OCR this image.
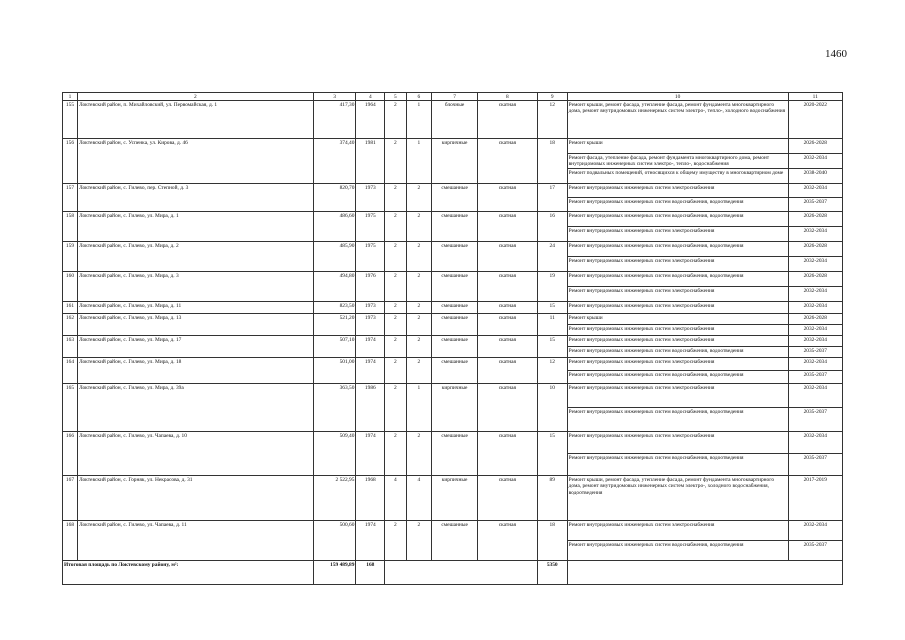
1460
1	2	3	4	5	6	7	8	9	10	11
155	Локтевский район, п. Михайловский, ул. Первомайская, д. 1	417,30	1964	2	1	блочные	скатная	12	Ремонт крыши, ремонт фасада, утепление фасада, ремонт фундамента многоквартирного дома, ремонт внутридомовых инженерных систем электро-, тепло-, холодного водоснабжения	2020-2022
156	Локтевский район, с. Успенка, ул. Кирова, д. 46	374,40	1981	2	1	кирпичные	скатная	18	Ремонт крыши	2026-2028
									Ремонт фасада, утепление фасада, ремонт фундамента многоквартирного дома, ремонт внутридомовых инженерных систем электро-, тепло-, водоснабжения	2032-2034
									Ремонт подвальных помещений, относящихся к общему имуществу в многоквартирном доме	2038-2040
157	Локтевский район, с. Гилево, пер. Степной, д. 3	820,70	1973	2	2	смешанные	скатная	17	Ремонт внутридомовых инженерных систем электроснабжения	2032-2034
									Ремонт внутридомовых инженерных систем водоснабжения, водоотведения	2035-2037
158	Локтевский район, с. Гилево, ул. Мира, д. 1	486,60	1975	2	2	смешанные	скатная	16	Ремонт внутридомовых инженерных систем водоснабжения, водоотведения	2026-2028
									Ремонт внутридомовых инженерных систем электроснабжения	2032-2034
159	Локтевский район, с. Гилево, ул. Мира, д. 2	485,90	1975	2	2	смешанные	скатная	24	Ремонт внутридомовых инженерных систем водоснабжения, водоотведения	2026-2028
									Ремонт внутридомовых инженерных систем электроснабжения	2032-2034
160	Локтевский район, с. Гилево, ул. Мира, д. 3	494,80	1976	2	2	смешанные	скатная	19	Ремонт внутридомовых инженерных систем водоснабжения, водоотведения	2026-2028
									Ремонт внутридомовых инженерных систем электроснабжения	2032-2034
161	Локтевский район, с. Гилево, ул. Мира, д. 11	823,50	1973	2	2	смешанные	скатная	15	Ремонт внутридомовых инженерных систем электроснабжения	2032-2034
162	Локтевский район, с. Гилево, ул. Мира, д. 13	521,20	1973	2	2	смешанные	скатная	11	Ремонт крыши	2026-2028
									Ремонт внутридомовых инженерных систем электроснабжения	2032-2034
163	Локтевский район, с. Гилево, ул. Мира, д. 17	507,10	1974	2	2	смешанные	скатная	15	Ремонт внутридомовых инженерных систем электроснабжения	2032-2034
									Ремонт внутридомовых инженерных систем водоснабжения, водоотведения	2035-2037
164	Локтевский район, с. Гилево, ул. Мира, д. 18	501,00	1974	2	2	смешанные	скатная	12	Ремонт внутридомовых инженерных систем электроснабжения	2032-2034
									Ремонт внутридомовых инженерных систем водоснабжения, водоотведения	2035-2037
165	Локтевский район, с. Гилево, ул. Мира, д. 39а	363,50	1986	2	1	кирпичные	скатная	10	Ремонт внутридомовых инженерных систем электроснабжения	2032-2034
									Ремонт внутридомовых инженерных систем водоснабжения, водоотведения	2035-2037
166	Локтевский район, с. Гилево, ул. Чапаева, д. 10	509,40	1974	2	2	смешанные	скатная	15	Ремонт внутридомовых инженерных систем электроснабжения	2032-2034
									Ремонт внутридомовых инженерных систем водоснабжения, водоотведения	2035-2037
167	Локтевский район, с. Горняк, ул. Некрасова, д. 31	2 522,95	1968	4	4	кирпичные	скатная	89	Ремонт крыши, ремонт фасада, утепление фасада, ремонт фундамента многоквартирного дома, ремонт внутридомовых инженерных систем электро-, холодного водоснабжения, водоотведения	2017-2019
168	Локтевский район, с. Гилево, ул. Чапаева, д. 11	500,60	1974	2	2	смешанные	скатная	18	Ремонт внутридомовых инженерных систем электроснабжения	2032-2034
									Ремонт внутридомовых инженерных систем водоснабжения, водоотведения	2035-2037
Итоговая площадь по Локтевскому району, м²:		159 489,89	168					5350		
